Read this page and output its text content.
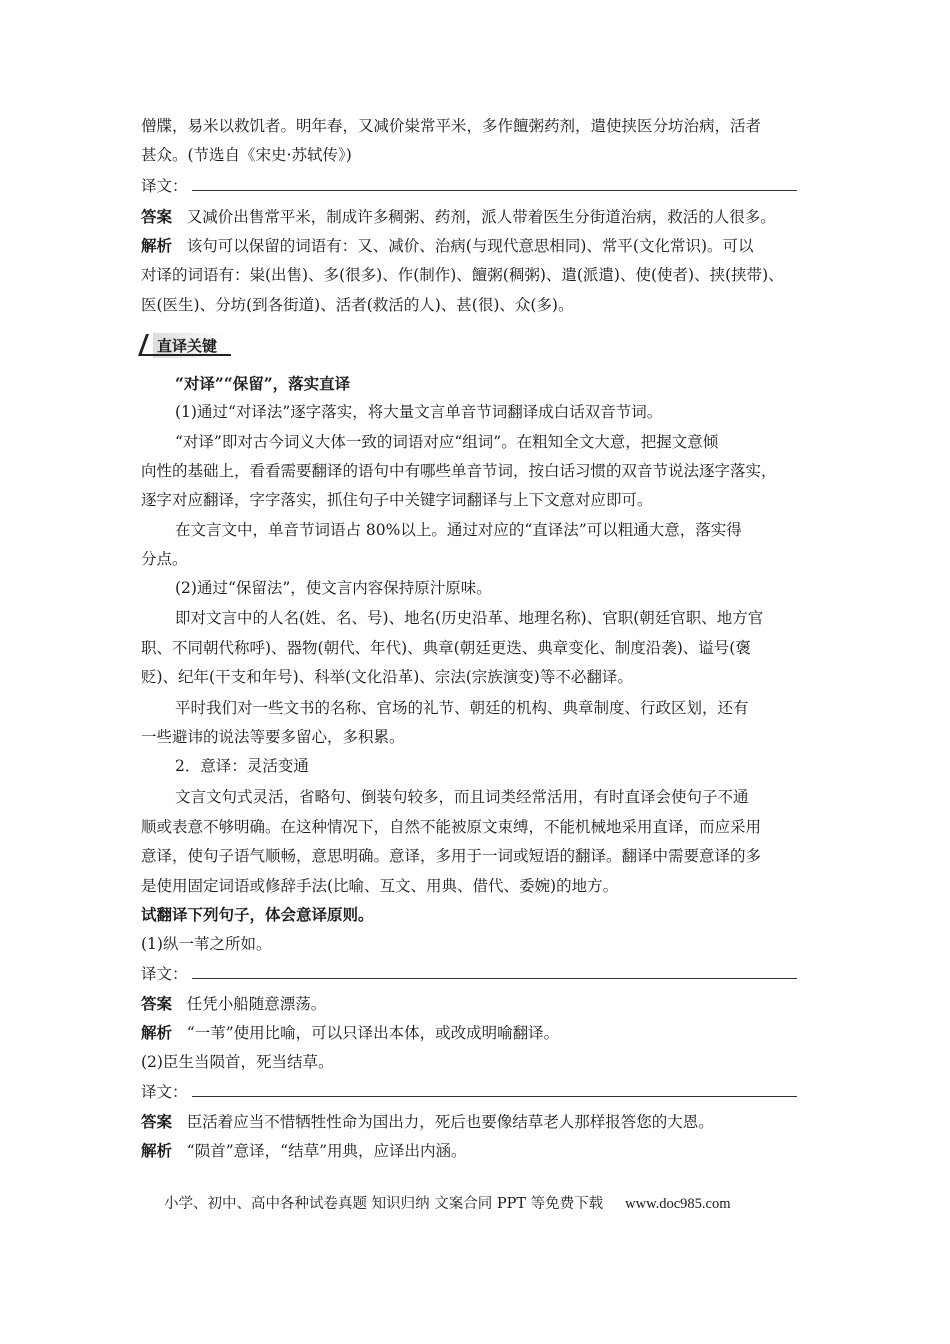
僧牒，易米以救饥者。明年春，又减价粜常平米，多作饘粥药剂，遣使挟医分坊治病，活者
甚众。(节选自《宋史·苏轼传》)
译文：
答案 又减价出售常平米，制成许多稠粥、药剂，派人带着医生分街道治病，救活的人很多。
解析 该句可以保留的词语有：又、减价、治病(与现代意思相同)、常平(文化常识)。可以
对译的词语有：粜(出售)、多(很多)、作(制作)、饘粥(稠粥)、遣(派遣)、使(使者)、挟(挟带)、
医(医生)、分坊(到各街道)、活者(救活的人)、甚(很)、众(多)。
直译关键
“对译”“保留”，落实直译
(1)通过“对译法”逐字落实，将大量文言单音节词翻译成白话双音节词。
“对译”即对古今词义大体一致的词语对应“组词”。在粗知全文大意，把握文意倾
向性的基础上，看看需要翻译的语句中有哪些单音节词，按白话习惯的双音节说法逐字落实，
逐字对应翻译，字字落实，抓住句子中关键字词翻译与上下文意对应即可。
在文言文中，单音节词语占 80%以上。通过对应的“直译法”可以粗通大意，落实得
分点。
(2)通过“保留法”，使文言内容保持原汁原味。
即对文言中的人名(姓、名、号)、地名(历史沿革、地理名称)、官职(朝廷官职、地方官
职、不同朝代称呼)、器物(朝代、年代)、典章(朝廷更迭、典章变化、制度沿袭)、谥号(褒
贬)、纪年(干支和年号)、科举(文化沿革)、宗法(宗族演变)等不必翻译。
平时我们对一些文书的名称、官场的礼节、朝廷的机构、典章制度、行政区划，还有
一些避讳的说法等要多留心，多积累。
2．意译：灵活变通
文言文句式灵活，省略句、倒装句较多，而且词类经常活用，有时直译会使句子不通
顺或表意不够明确。在这种情况下，自然不能被原文束缚，不能机械地采用直译，而应采用
意译，使句子语气顺畅，意思明确。意译，多用于一词或短语的翻译。翻译中需要意译的多
是使用固定词语或修辞手法(比喻、互文、用典、借代、委婉)的地方。
试翻译下列句子，体会意译原则。
(1)纵一苇之所如。
译文：
答案 任凭小船随意漂荡。
解析 “一苇”使用比喻，可以只译出本体，或改成明喻翻译。
(2)臣生当陨首，死当结草。
译文：
答案 臣活着应当不惜牺牲性命为国出力，死后也要像结草老人那样报答您的大恩。
解析 “陨首”意译，“结草”用典，应译出内涵。
小学、初中、高中各种试卷真题 知识归纳 文案合同 PPT 等免费下载 www.doc985.com
